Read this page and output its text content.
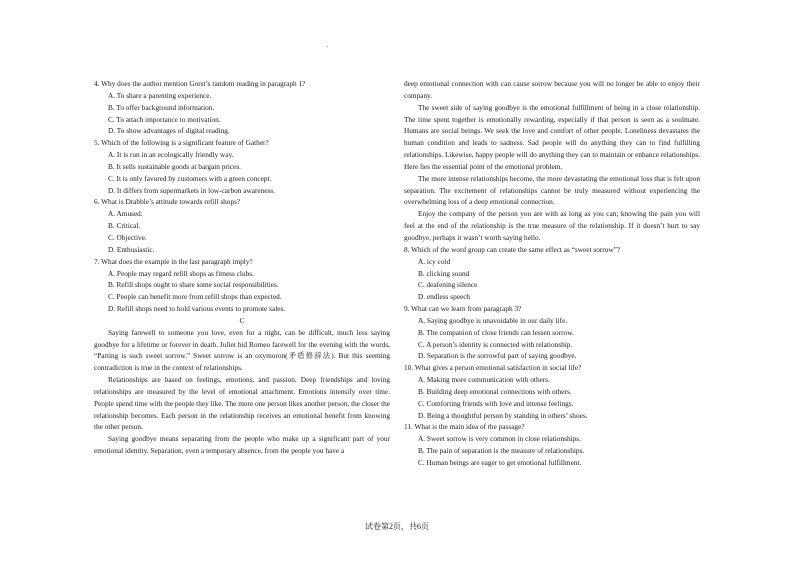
4. Why does the author mention Gorst’s random reading in paragraph 1?

A. To share a parenting experience.

B. To offer background information.

C. To attach importance to motivation.

D. To show advantages of digital reading.

5. Which of the following is a significant feature of Gather?

A. It is run in an ecologically friendly way.

B. It sells sustainable goods at bargain prices.

C. It is only favored by customers with a green concept.

D. It differs from supermarkets in low-carbon awareness.

6. What is Drabble’s attitude towards refill shops?

A. Amused.

B. Critical.

C. Objective.

D. Enthusiastic.

7. What does the example in the last paragraph imply?

A. People may regard refill shops as fitness clubs.

B. Refill shops ought to share some social responsibilities.

C. People can benefit more from refill shops than expected.

D. Refill shops need to hold various events to promote sales.

C

Saying farewell to someone you love, even for a night, can be difficult, much less saying goodbye for a lifetime or forever in death. Juliet bid Romeo farewell for the evening with the words, “Parting is such sweet sorrow.” Sweet sorrow is an oxymoron(矛盾修辞法). But this seeming contradiction is true in the context of relationships.

Relationships are based on feelings, emotions, and passion. Deep friendships and loving relationships are measured by the level of emotional attachment. Emotions intensify over time. People spend time with the people they like. The more one person likes another person, the closer the relationship becomes. Each person in the relationship receives an emotional benefit from knowing the other person.

Saying goodbye means separating from the people who make up a significant part of your emotional identity. Separation, even a temporary absence, from the people you have a

deep emotional connection with can cause sorrow because you will no longer be able to enjoy their company.

The sweet side of saying goodbye is the emotional fulfillment of being in a close relationship. The time spent together is emotionally rewarding, especially if that person is seen as a soulmate. Humans are social beings. We seek the love and comfort of other people. Loneliness devastates the human condition and leads to sadness. Sad people will do anything they can to find fulfilling relationships. Likewise, happy people will do anything they can to maintain or enhance relationships. Here lies the essential point of the emotional problem.

The more intense relationships become, the more devastating the emotional loss that is felt upon separation. The excitement of relationships cannot be truly measured without experiencing the overwhelming loss of a deep emotional connection.

Enjoy the company of the person you are with as long as you can; knowing the pain you will feel at the end of the relationship is the true measure of the relationship. If it doesn’t hurt to say goodbye, perhaps it wasn’t worth saying hello.

8. Which of the word group can create the same effect as “sweet sorrow”?

A. icy cold

B. clicking sound

C. deafening silence

D. endless speech

9. What can we learn from paragraph 3?

A. Saying goodbye is unavoidable in our daily life.

B. The companion of close friends can lessen sorrow.

C. A person’s identity is connected with relationship.

D. Separation is the sorrowful part of saying goodbye.

10. What gives a person emotional satisfaction in social life?

A. Making more communication with others.

B. Building deep emotional connections with others.

C. Comforting friends with love and intense feelings.

D. Being a thoughtful person by standing in others’ shoes.

11. What is the main idea of the passage?

A. Sweet sorrow is very common in close relationships.

B. The pain of separation is the measure of relationships.

C. Human beings are eager to get emotional fulfillment.

试卷第2页，共6页
